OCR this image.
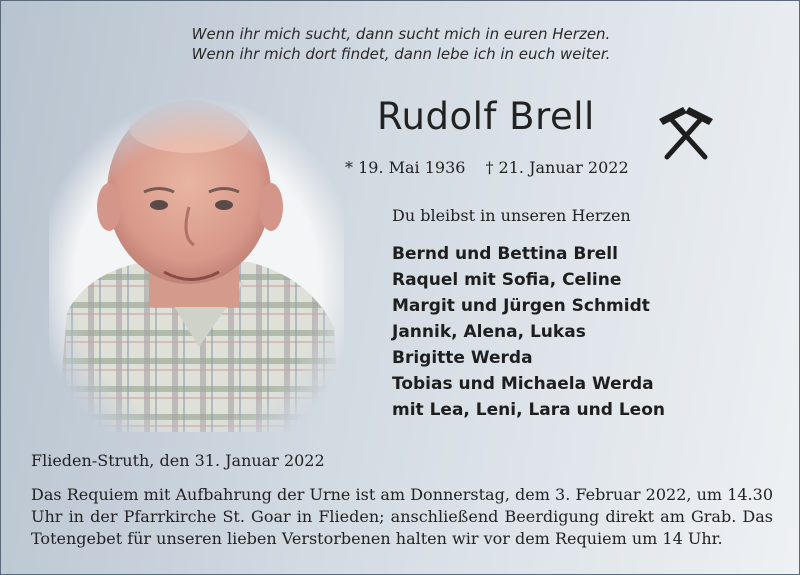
Wenn ihr mich sucht, dann sucht mich in euren Herzen.
Wenn ihr mich dort findet, dann lebe ich in euch weiter.
Rudolf Brell
* 19. Mai 1936 † 21. Januar 2022
Du bleibst in unseren Herzen
Bernd und Bettina Brell
Raquel mit Sofia, Celine
Margit und Jürgen Schmidt
Jannik, Alena, Lukas
Brigitte Werda
Tobias und Michaela Werda
mit Lea, Leni, Lara und Leon
Flieden-Struth, den 31. Januar 2022
Das Requiem mit Aufbahrung der Urne ist am Donnerstag, dem 3. Februar 2022, um 14.30 Uhr in der Pfarrkirche St. Goar in Flieden; anschließend Beerdigung direkt am Grab. Das Totengebet für unseren lieben Verstorbenen halten wir vor dem Requiem um 14 Uhr.
